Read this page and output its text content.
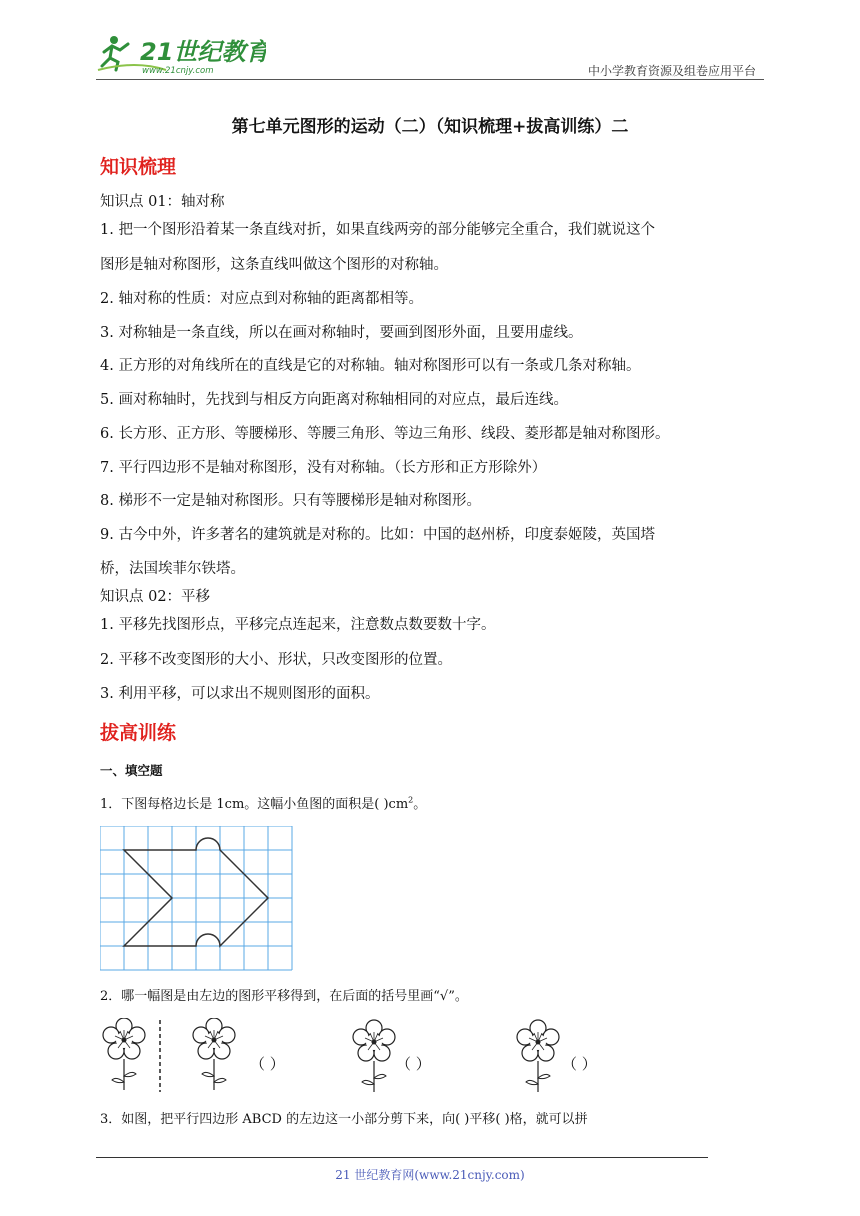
21世纪教育
www.21cnjy.com	中小学教育资源及组卷应用平台
第七单元图形的运动（二）（知识梳理+拔高训练）二
知识梳理
知识点 01：轴对称
1. 把一个图形沿着某一条直线对折，如果直线两旁的部分能够完全重合，我们就说这个
图形是轴对称图形，这条直线叫做这个图形的对称轴。
2. 轴对称的性质：对应点到对称轴的距离都相等。
3. 对称轴是一条直线，所以在画对称轴时，要画到图形外面，且要用虚线。
4. 正方形的对角线所在的直线是它的对称轴。轴对称图形可以有一条或几条对称轴。
5. 画对称轴时，先找到与相反方向距离对称轴相同的对应点，最后连线。
6. 长方形、正方形、等腰梯形、等腰三角形、等边三角形、线段、菱形都是轴对称图形。
7. 平行四边形不是轴对称图形，没有对称轴。（长方形和正方形除外）
8. 梯形不一定是轴对称图形。只有等腰梯形是轴对称图形。
9. 古今中外，许多著名的建筑就是对称的。比如：中国的赵州桥，印度泰姬陵，英国塔
桥，法国埃菲尔铁塔。
知识点 02：平移
1. 平移先找图形点，平移完点连起来，注意数点数要数十字。
2. 平移不改变图形的大小、形状，只改变图形的位置。
3. 利用平移，可以求出不规则图形的面积。
拔高训练
一、填空题
1．下图每格边长是 1cm。这幅小鱼图的面积是( )$cm^2$。
2．哪一幅图是由左边的图形平移得到，在后面的括号里画“√”。
（ ）	（ ）	（ ）
3．如图，把平行四边形 ABCD 的左边这一小部分剪下来，向( )平移( )格，就可以拼
21 世纪教育网(www.21cnjy.com)
